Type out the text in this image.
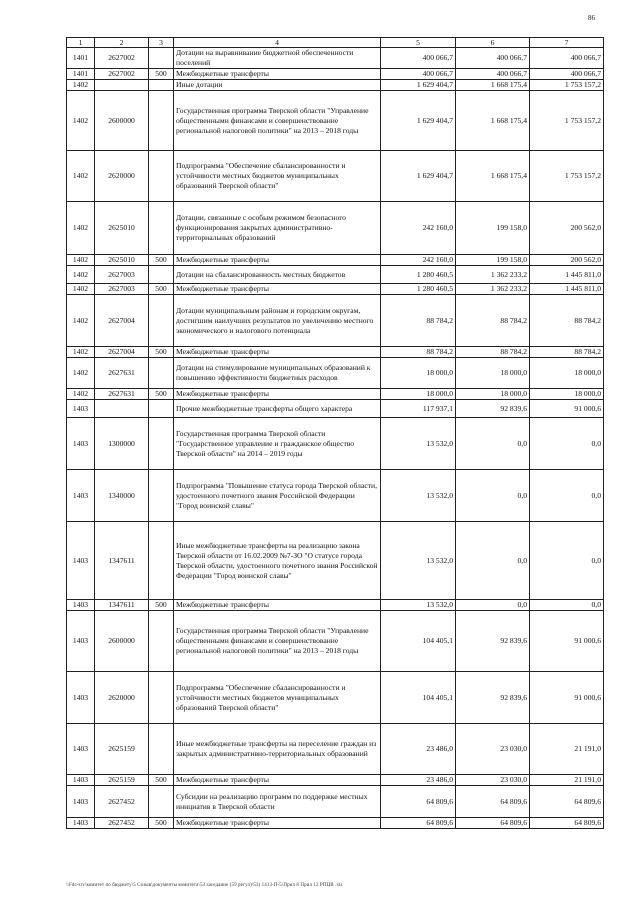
86
1	2	3	4	5	6	7
1401	2627002		Дотации на выравнивание бюджетной обеспеченности поселений	400 066,7	400 066,7	400 066,7
1401	2627002	500	Межбюджетные трансферты	400 066,7	400 066,7	400 066,7
1402			Иные дотации	1 629 404,7	1 668 175,4	1 753 157,2
1402	2600000		Государственная программа Тверской области "Управление общественными финансами и совершенствование региональной налоговой политики" на 2013 – 2018 годы	1 629 404,7	1 668 175,4	1 753 157,2
1402	2620000		Подпрограмма "Обеспечение сбалансированности и устойчивости местных бюджетов муниципальных образований Тверской области"	1 629 404,7	1 668 175,4	1 753 157,2
1402	2625010		Дотации, связанные с особым режимом безопасного функционирования закрытых административно-территориальных образований	242 160,0	199 158,0	200 562,0
1402	2625010	500	Межбюджетные трансферты	242 160,0	199 158,0	200 562,0
1402	2627003		Дотации на сбалансированность местных бюджетов	1 280 460,5	1 362 233,2	1 445 811,0
1402	2627003	500	Межбюджетные трансферты	1 280 460,5	1 362 233,2	1 445 811,0
1402	2627004		Дотации муниципальным районам и городским округам, достигшим наилучших результатов по увеличению местного экономического и налогового потенциала	88 784,2	88 784,2	88 784,2
1402	2627004	500	Межбюджетные трансферты	88 784,2	88 784,2	88 784,2
1402	2627631		Дотации на стимулирование муниципальных образований к повышению эффективности бюджетных расходов	18 000,0	18 000,0	18 000,0
1402	2627631	500	Межбюджетные трансферты	18 000,0	18 000,0	18 000,0
1403			Прочие межбюджетные трансферты общего характера	117 937,1	92 839,6	91 000,6
1403	1300000		Государственная программа Тверской области "Государственное управление и гражданское общество Тверской области" на 2014 – 2019 годы	13 532,0	0,0	0,0
1403	1340000		Подпрограмма "Повышение статуса города Тверской области, удостоенного почетного звания Российской Федерации "Город воинской славы"	13 532,0	0,0	0,0
1403	1347611		Иные межбюджетные трансферты на реализацию закона Тверской области от 16.02.2009 №7-ЗО "О статусе города Тверской области, удостоенного почетного звания Российской Федерации "Город воинской славы"	13 532,0	0,0	0,0
1403	1347611	500	Межбюджетные трансферты	13 532,0	0,0	0,0
1403	2600000		Государственная программа Тверской области "Управление общественными финансами и совершенствование региональной налоговой политики" на 2013 – 2018 годы	104 405,1	92 839,6	91 000,6
1403	2620000		Подпрограмма "Обеспечение сбалансированности и устойчивости местных бюджетов муниципальных образований Тверской области"	104 405,1	92 839,6	91 000,6
1403	2625159		Иные межбюджетные трансферты на переселение граждан из закрытых административно-территориальных образований	23 486,0	23 030,0	21 191,0
1403	2625159	500	Межбюджетные трансферты	23 486,0	23 030,0	21 191,0
1403	2627452		Субсидии на реализацию программ по поддержке местных инициатив в Тверской области	64 809,6	64 809,6	64 809,6
1403	2627452	500	Межбюджетные трансферты	64 809,6	64 809,6	64 809,6
\\Fdc-srv\комитет по бюджету\5 Созыв\документы комитета\53 заседание (59 регул)\53) 1413-П-5\Прил 8 Прил 12 РПЦВ .xls
